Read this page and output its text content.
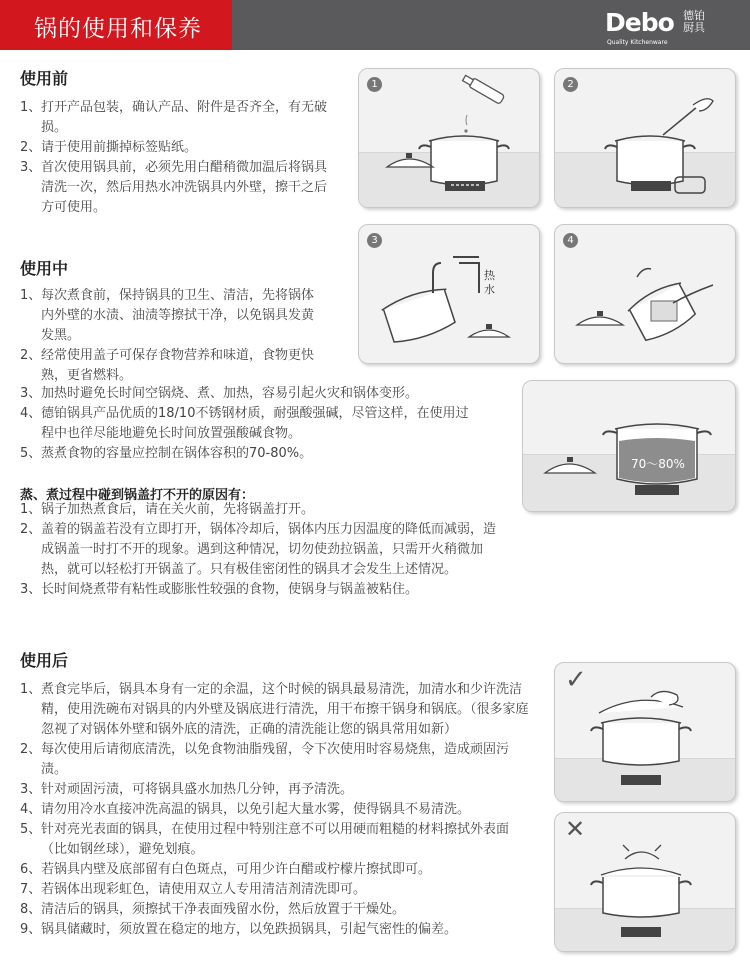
锅的使用和保养	Debo 德铂厨具
Quality Kitchenware
使用前
1、 打开产品包装，确认产品、附件是否齐全，有无破损。
2、 请于使用前撕掉标签贴纸。
3、 首次使用锅具前，必须先用白醋稍微加温后将锅具清洗一次，然后用热水冲洗锅具内外壁，擦干之后方可使用。
使用中
1、 每次煮食前，保持锅具的卫生、清洁，先将锅体内外壁的水渍、油渍等擦拭干净，以免锅具发黄发黑。
2、 经常使用盖子可保存食物营养和味道，食物更快熟，更省燃料。
3、 加热时避免长时间空锅烧、煮、加热，容易引起火灾和锅体变形。
4、 德铂锅具产品优质的18/10不锈钢材质，耐强酸强碱，尽管这样，在使用过程中也徉尽能地避免长时间放置强酸碱食物。
5、 蒸煮食物的容量应控制在锅体容积的70-80%。
蒸、煮过程中碰到锅盖打不开的原因有：
1、 锅子加热煮食后，请在关火前，先将锅盖打开。
2、 盖着的锅盖若没有立即打开，锅体冷却后，锅体内压力因温度的降低而减弱，造成锅盖一时打不开的现象。遇到这种情况，切勿使劲拉锅盖，只需开火稍微加热，就可以轻松打开锅盖了。只有极佳密闭性的锅具才会发生上述情况。
3、 长时间烧煮带有粘性或膨胀性较强的食物，使锅身与锅盖被粘住。
使用后
1、 煮食完毕后，锅具本身有一定的余温，这个时候的锅具最易清洗，加清水和少许洗洁精，使用洗碗布对锅具的内外壁及锅底进行清洗，用干布擦干锅身和锅底。（很多家庭忽视了对锅体外壁和锅外底的清洗，正确的清洗能让您的锅具常用如新）
2、 每次使用后请彻底清洗，以免食物油脂残留，令下次使用时容易烧焦，造成顽固污渍。
3、 针对顽固污渍，可将锅具盛水加热几分钟，再予清洗。
4、 请勿用冷水直接冲洗高温的锅具，以免引起大量水雾，使得锅具不易清洗。
5、 针对亮光表面的锅具，在使用过程中特别注意不可以用硬而粗糙的材料擦拭外表面（比如钢丝球），避免划痕。
6、 若锅具内壁及底部留有白色斑点，可用少许白醋或柠檬片擦拭即可。
7、 若锅体出现彩虹色，请使用双立人专用清洁剂清洗即可。
8、 清洁后的锅具，须擦拭干净表面残留水份，然后放置于干燥处。
9、 锅具储藏时，须放置在稳定的地方，以免跌损锅具，引起气密性的偏差。
1	2
3
热水
4
70～80%
✓
✕
